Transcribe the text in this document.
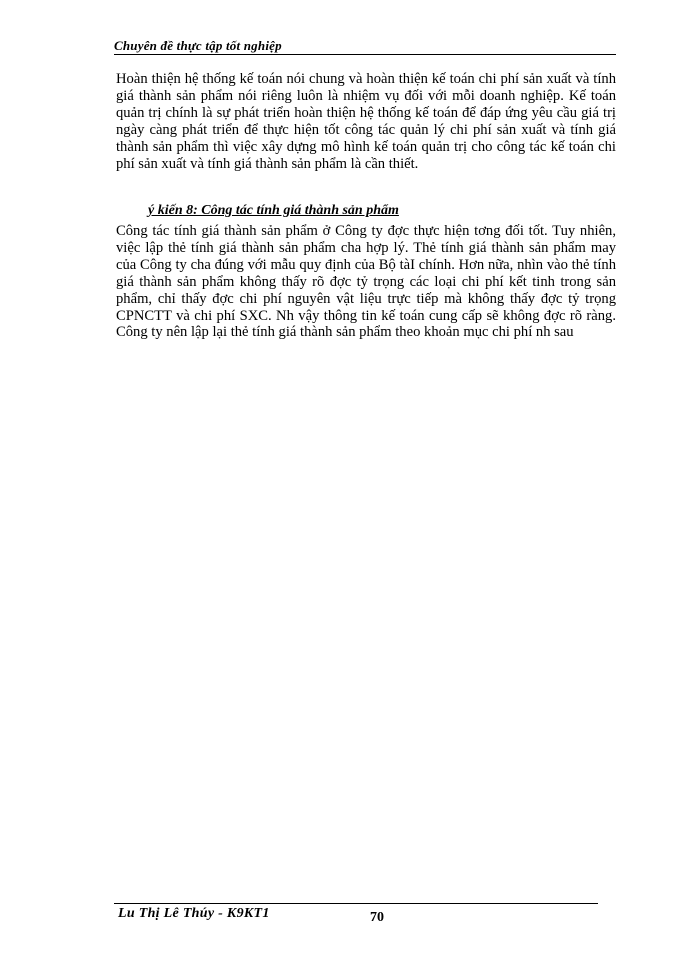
Chuyên đề thực tập tốt nghiệp
Hoàn thiện hệ thống kế toán nói chung và hoàn thiện kế toán chi phí sản xuất và tính giá thành sản phẩm nói riêng luôn là nhiệm vụ đối với mỗi doanh nghiệp. Kế toán quản trị chính là sự phát triển hoàn thiện hệ thống kế toán để đáp ứng yêu cầu giá trị ngày càng phát triển để thực hiện tốt công tác quản lý chi phí sản xuất và tính giá thành sản phẩm thì việc xây dựng mô hình kế toán quản trị cho công tác kế toán chi phí sản xuất và tính giá thành sản phẩm là cần thiết.
ý kiến 8: Công tác tính giá thành sản phẩm
Công tác tính giá thành sản phẩm ở Công ty đợc thực hiện tơng đối tốt. Tuy nhiên, việc lập thẻ tính giá thành sản phẩm cha hợp lý. Thẻ tính giá thành sản phẩm may của Công ty cha đúng với mẫu quy định của Bộ tàI chính. Hơn nữa, nhìn vào thẻ tính giá thành sản phẩm không thấy rõ đợc tỷ trọng các loại chi phí kết tinh trong sản phẩm, chỉ thấy đợc chi phí nguyên vật liệu trực tiếp mà không thấy đợc tỷ trọng CPNCTT và chi phí SXC. Nh vậy thông tin kế toán cung cấp sẽ không đợc rõ ràng. Công ty nên lập lại thẻ tính giá thành sản phẩm theo khoản mục chi phí nh sau
Lu Thị Lê Thúy - K9KT1	70
